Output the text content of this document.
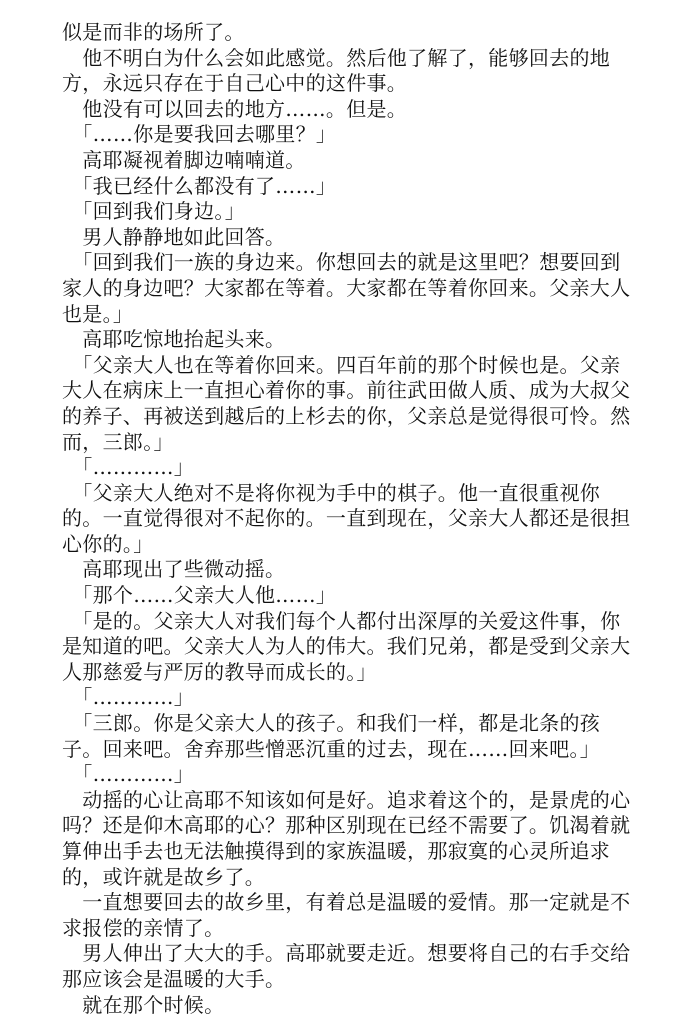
似是而非的场所了。

　他不明白为什么会如此感觉。然后他了解了，能够回去的地方，永远只存在于自己心中的这件事。

　他没有可以回去的地方……。但是。

　「……你是要我回去哪里？」

　高耶凝视着脚边喃喃道。

　「我已经什么都没有了……」

　「回到我们身边。」

　男人静静地如此回答。

　「回到我们一族的身边来。你想回去的就是这里吧？想要回到家人的身边吧？大家都在等着。大家都在等着你回来。父亲大人也是。」

　高耶吃惊地抬起头来。

　「父亲大人也在等着你回来。四百年前的那个时候也是。父亲大人在病床上一直担心着你的事。前往武田做人质、成为大叔父的养子、再被送到越后的上杉去的你，父亲总是觉得很可怜。然而，三郎。」

　「…………」

　「父亲大人绝对不是将你视为手中的棋子。他一直很重视你的。一直觉得很对不起你的。一直到现在，父亲大人都还是很担心你的。」

　高耶现出了些微动摇。

　「那个……父亲大人他……」

　「是的。父亲大人对我们每个人都付出深厚的关爱这件事，你是知道的吧。父亲大人为人的伟大。我们兄弟，都是受到父亲大人那慈爱与严厉的教导而成长的。」

　「…………」

　「三郎。你是父亲大人的孩子。和我们一样，都是北条的孩子。回来吧。舍弃那些憎恶沉重的过去，现在……回来吧。」

　「…………」

　动摇的心让高耶不知该如何是好。追求着这个的，是景虎的心吗？还是仰木高耶的心？那种区别现在已经不需要了。饥渴着就算伸出手去也无法触摸得到的家族温暖，那寂寞的心灵所追求的，或许就是故乡了。

　一直想要回去的故乡里，有着总是温暖的爱情。那一定就是不求报偿的亲情了。

　男人伸出了大大的手。高耶就要走近。想要将自己的右手交给那应该会是温暖的大手。

　就在那个时候。
